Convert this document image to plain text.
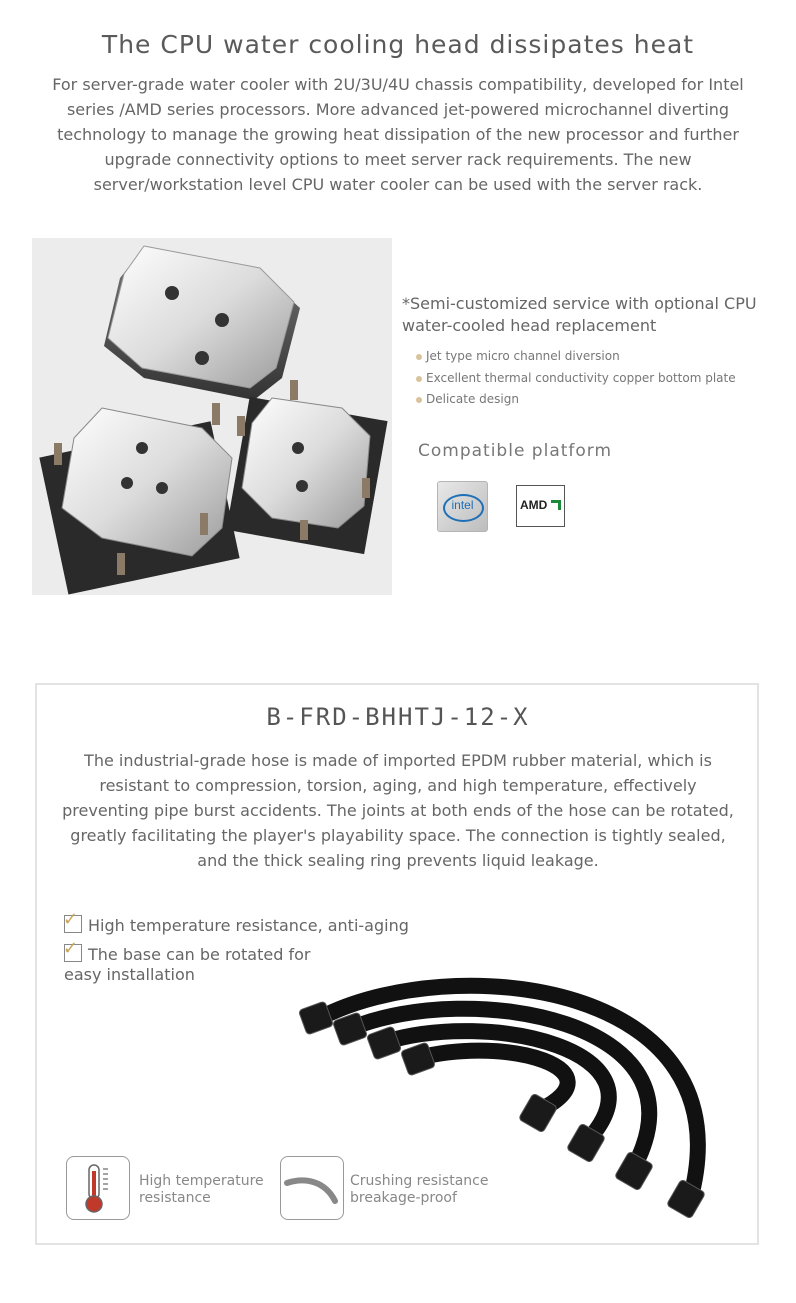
The CPU water cooling head dissipates heat
For server-grade water cooler with 2U/3U/4U chassis compatibility, developed for Intel series /AMD series processors. More advanced jet-powered microchannel diverting technology to manage the growing heat dissipation of the new processor and further upgrade connectivity options to meet server rack requirements. The new server/workstation level CPU water cooler can be used with the server rack.
*Semi-customized service with optional CPU water-cooled head replacement
Jet type micro channel diversion
Excellent thermal conductivity copper bottom plate
Delicate design
Compatible platform
intel	AMD
B-FRD-BHHTJ-12-X
The industrial-grade hose is made of imported EPDM rubber material, which is resistant to compression, torsion, aging, and high temperature, effectively preventing pipe burst accidents. The joints at both ends of the hose can be rotated, greatly facilitating the player's playability space. The connection is tightly sealed, and the thick sealing ring prevents liquid leakage.
✓High temperature resistance, anti-aging
✓The base can be rotated for easy installation
High temperature resistance
Crushing resistance breakage-proof
